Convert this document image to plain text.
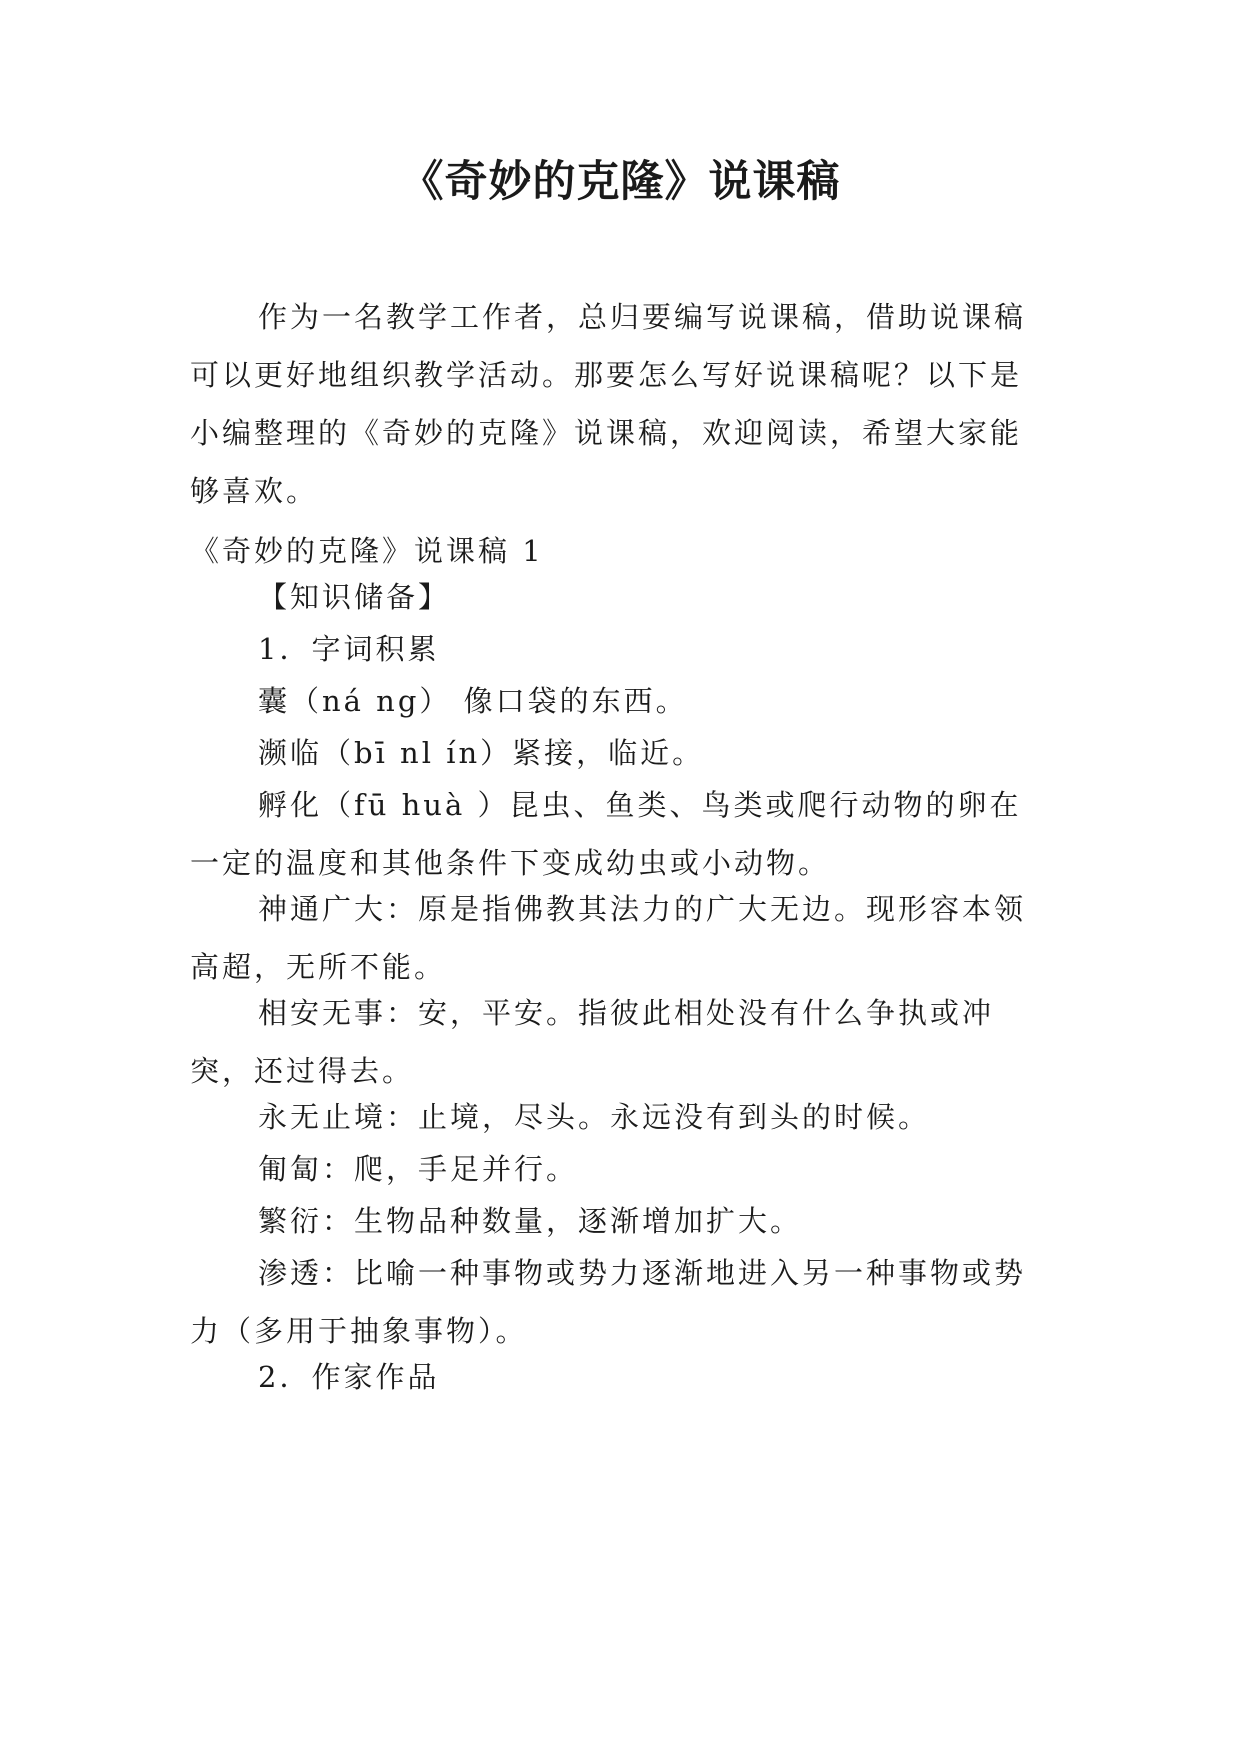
《奇妙的克隆》说课稿

作为一名教学工作者，总归要编写说课稿，借助说课稿可以更好地组织教学活动。那要怎么写好说课稿呢？以下是小编整理的《奇妙的克隆》说课稿，欢迎阅读，希望大家能够喜欢。

《奇妙的克隆》说课稿 1

【知识储备】

1．字词积累

囊（ná ng） 像口袋的东西。

濒临（bī nl ín）紧接，临近。

孵化（fū huà ）昆虫、鱼类、鸟类或爬行动物的卵在一定的温度和其他条件下变成幼虫或小动物。

神通广大：原是指佛教其法力的广大无边。现形容本领高超，无所不能。

相安无事：安，平安。指彼此相处没有什么争执或冲突，还过得去。

永无止境：止境，尽头。永远没有到头的时候。

匍匐：爬，手足并行。

繁衍：生物品种数量，逐渐增加扩大。

渗透：比喻一种事物或势力逐渐地进入另一种事物或势力（多用于抽象事物）。

2．作家作品
